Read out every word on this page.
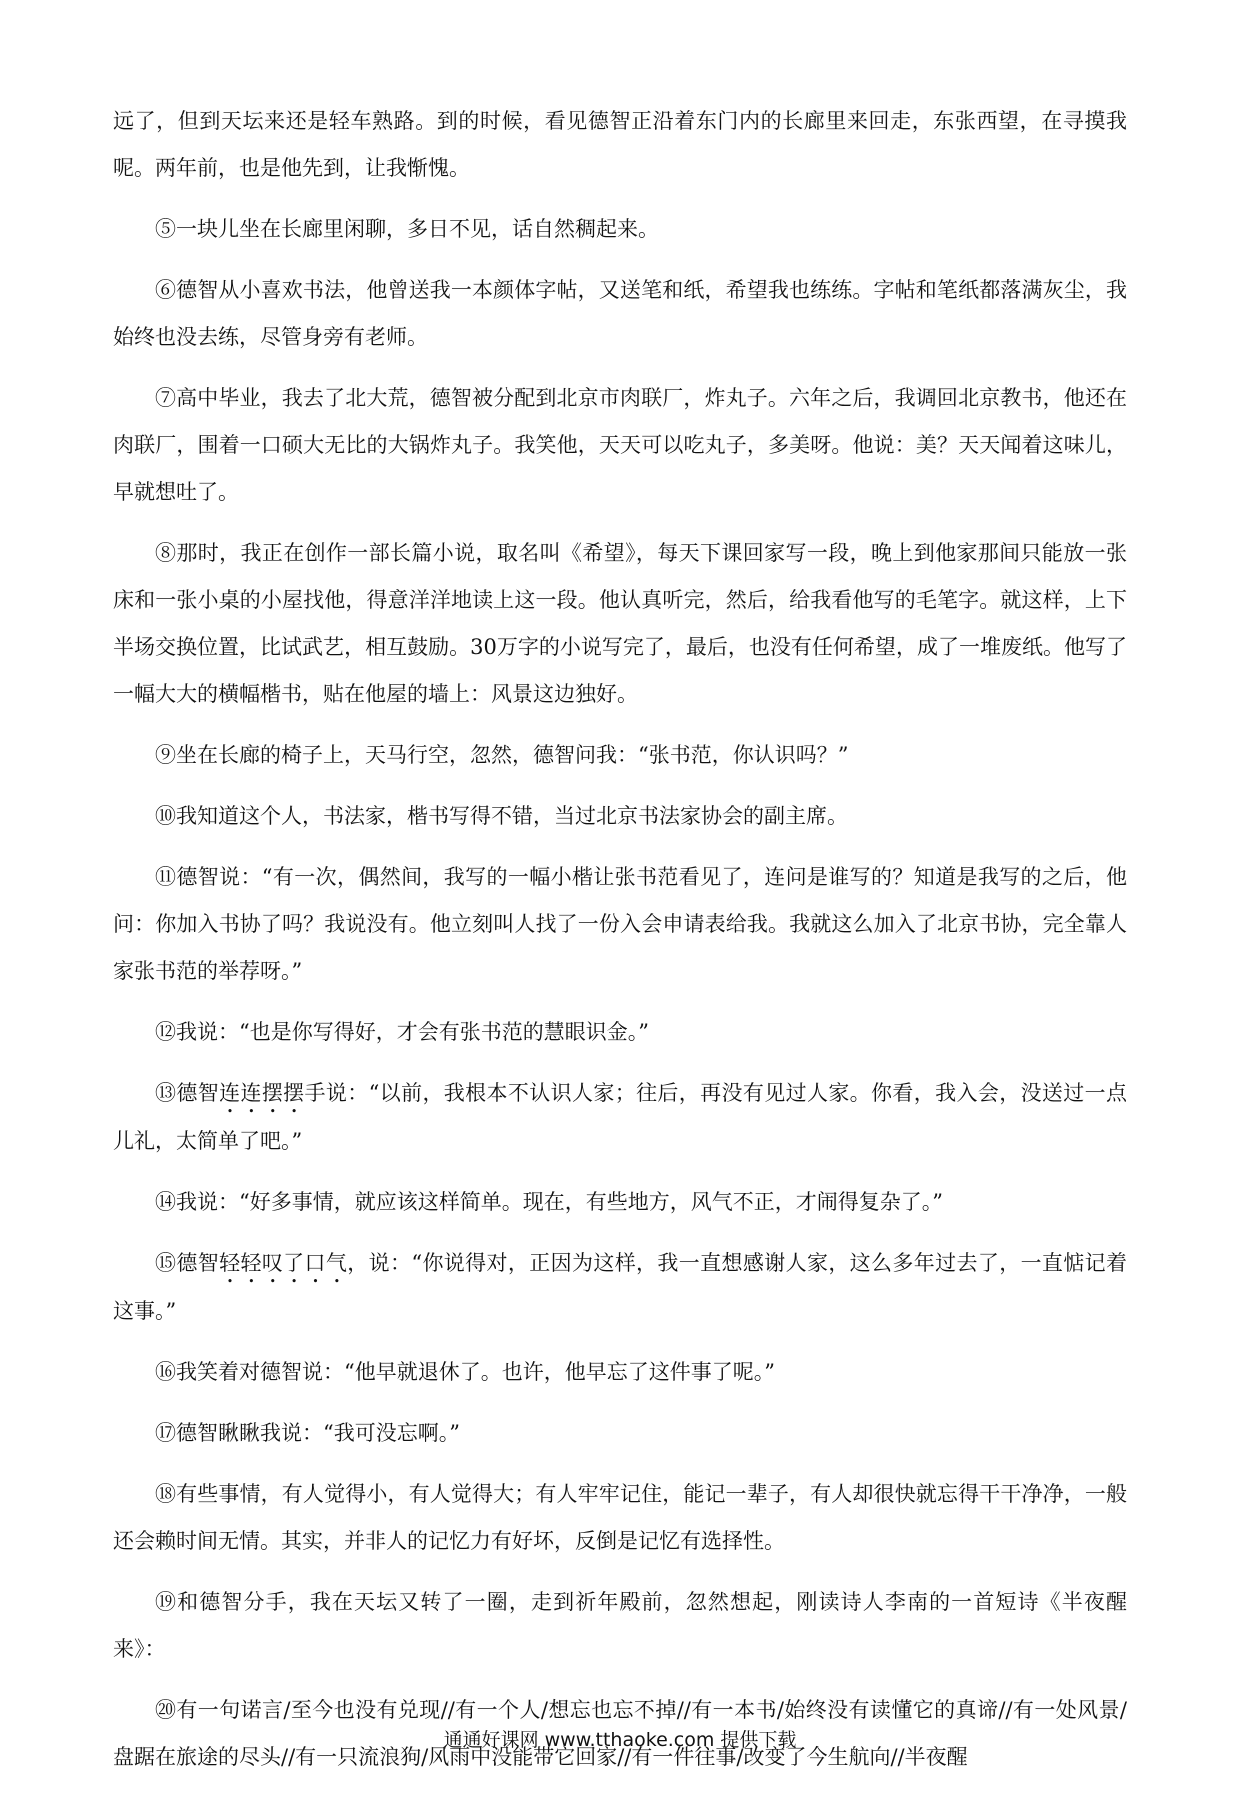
远了，但到天坛来还是轻车熟路。到的时候，看见德智正沿着东门内的长廊里来回走，东张西望，在寻摸我呢。两年前，也是他先到，让我惭愧。

⑤一块儿坐在长廊里闲聊，多日不见，话自然稠起来。

⑥德智从小喜欢书法，他曾送我一本颜体字帖，又送笔和纸，希望我也练练。字帖和笔纸都落满灰尘，我始终也没去练，尽管身旁有老师。

⑦高中毕业，我去了北大荒，德智被分配到北京市肉联厂，炸丸子。六年之后，我调回北京教书，他还在肉联厂，围着一口硕大无比的大锅炸丸子。我笑他，天天可以吃丸子，多美呀。他说：美？天天闻着这味儿，早就想吐了。

⑧那时，我正在创作一部长篇小说，取名叫《希望》，每天下课回家写一段，晚上到他家那间只能放一张床和一张小桌的小屋找他，得意洋洋地读上这一段。他认真听完，然后，给我看他写的毛笔字。就这样，上下半场交换位置，比试武艺，相互鼓励。30万字的小说写完了，最后，也没有任何希望，成了一堆废纸。他写了一幅大大的横幅楷书，贴在他屋的墙上：风景这边独好。

⑨坐在长廊的椅子上，天马行空，忽然，德智问我：“张书范，你认识吗？”

⑩我知道这个人，书法家，楷书写得不错，当过北京书法家协会的副主席。

⑪德智说：“有一次，偶然间，我写的一幅小楷让张书范看见了，连问是谁写的？知道是我写的之后，他问：你加入书协了吗？我说没有。他立刻叫人找了一份入会申请表给我。我就这么加入了北京书协，完全靠人家张书范的举荐呀。”

⑫我说：“也是你写得好，才会有张书范的慧眼识金。”

⑬德智连连摆摆手说：“以前，我根本不认识人家；往后，再没有见过人家。你看，我入会，没送过一点儿礼，太简单了吧。”

⑭我说：“好多事情，就应该这样简单。现在，有些地方，风气不正，才闹得复杂了。”

⑮德智轻轻叹了口气，说：“你说得对，正因为这样，我一直想感谢人家，这么多年过去了，一直惦记着这事。”

⑯我笑着对德智说：“他早就退休了。也许，他早忘了这件事了呢。”

⑰德智瞅瞅我说：“我可没忘啊。”

⑱有些事情，有人觉得小，有人觉得大；有人牢牢记住，能记一辈子，有人却很快就忘得干干净净，一般还会赖时间无情。其实，并非人的记忆力有好坏，反倒是记忆有选择性。

⑲和德智分手，我在天坛又转了一圈，走到祈年殿前，忽然想起，刚读诗人李南的一首短诗《半夜醒来》：

⑳有一句诺言/至今也没有兑现//有一个人/想忘也忘不掉//有一本书/始终没有读懂它的真谛//有一处风景/盘踞在旅途的尽头//有一只流浪狗/风雨中没能带它回家//有一件往事/改变了今生航向//半夜醒

通通好课网 www.tthaoke.com 提供下载
